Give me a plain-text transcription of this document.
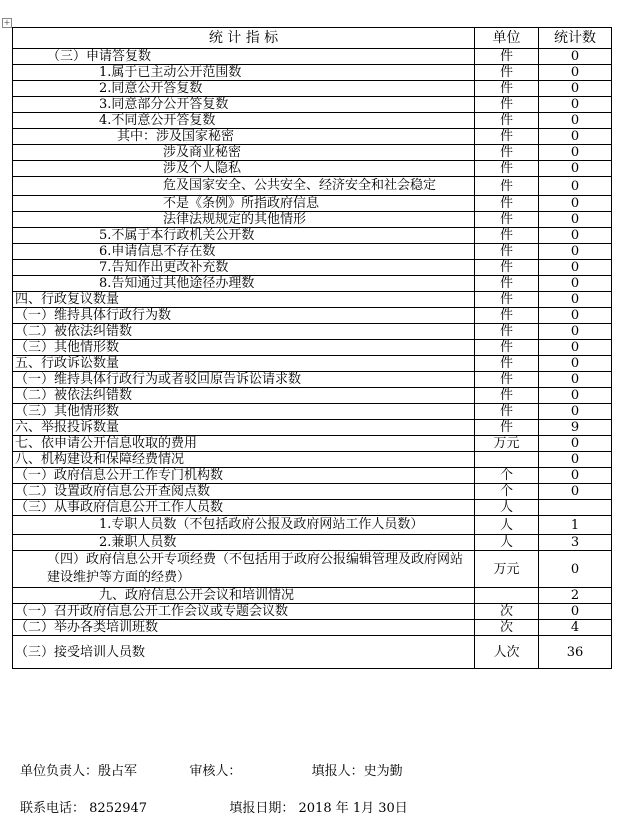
+
统 计 指 标	单位	统计数
（三）申请答复数	件	0
1.属于已主动公开范围数	件	0
2.同意公开答复数	件	0
3.同意部分公开答复数	件	0
4.不同意公开答复数	件	0
其中：涉及国家秘密	件	0
涉及商业秘密	件	0
涉及个人隐私	件	0
危及国家安全、公共安全、经济安全和社会稳定	件	0
不是《条例》所指政府信息	件	0
法律法规规定的其他情形	件	0
5.不属于本行政机关公开数	件	0
6.申请信息不存在数	件	0
7.告知作出更改补充数	件	0
8.告知通过其他途径办理数	件	0
四、行政复议数量	件	0
（一）维持具体行政行为数	件	0
（二）被依法纠错数	件	0
（三）其他情形数	件	0
五、行政诉讼数量	件	0
（一）维持具体行政行为或者驳回原告诉讼请求数	件	0
（二）被依法纠错数	件	0
（三）其他情形数	件	0
六、举报投诉数量	件	9
七、依申请公开信息收取的费用	万元	0
八、机构建设和保障经费情况		0
（一）政府信息公开工作专门机构数	个	0
（二）设置政府信息公开查阅点数	个	0
（三）从事政府信息公开工作人员数	人	
1.专职人员数（不包括政府公报及政府网站工作人员数）	人	1
2.兼职人员数	人	3
（四）政府信息公开专项经费（不包括用于政府公报编辑管理及政府网站建设维护等方面的经费）	万元	0
九、政府信息公开会议和培训情况		2
（一）召开政府信息公开工作会议或专题会议数	次	0
（二）举办各类培训班数	次	4
（三）接受培训人员数	人次	36
单位负责人：殷占军	审核人：	填报人：史为勤
联系电话： 8252947	填报日期： 2018 年 1月 30日
